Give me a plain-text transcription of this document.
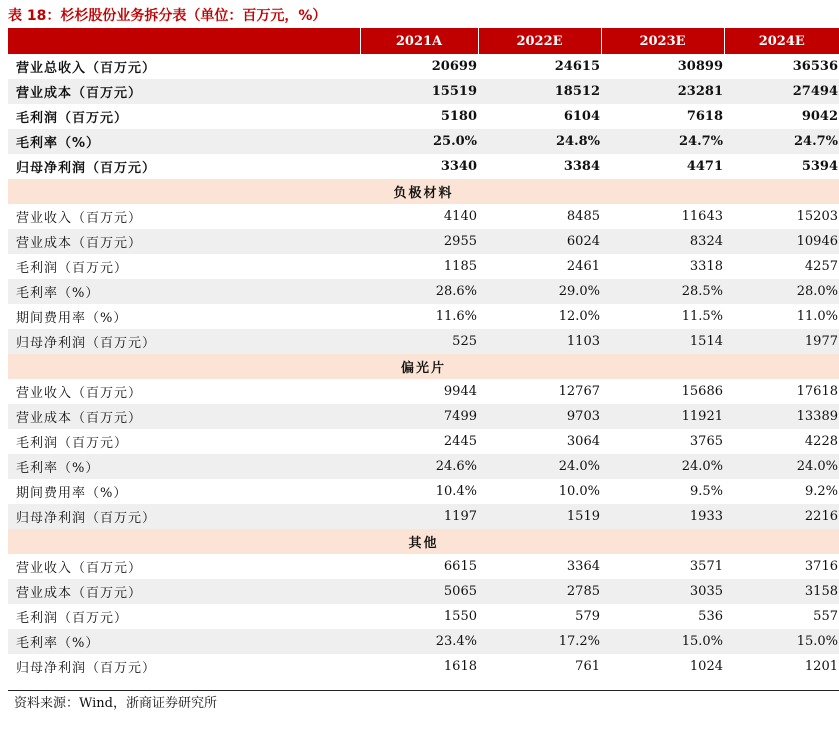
表 18：杉杉股份业务拆分表（单位：百万元，%）
	2021A	2022E	2023E	2024E
营业总收入（百万元）	20699	24615	30899	36536
营业成本（百万元）	15519	18512	23281	27494
毛利润（百万元）	5180	6104	7618	9042
毛利率（%）	25.0%	24.8%	24.7%	24.7%
归母净利润（百万元）	3340	3384	4471	5394
负极材料				
营业收入（百万元）	4140	8485	11643	15203
营业成本（百万元）	2955	6024	8324	10946
毛利润（百万元）	1185	2461	3318	4257
毛利率（%）	28.6%	29.0%	28.5%	28.0%
期间费用率（%）	11.6%	12.0%	11.5%	11.0%
归母净利润（百万元）	525	1103	1514	1977
偏光片				
营业收入（百万元）	9944	12767	15686	17618
营业成本（百万元）	7499	9703	11921	13389
毛利润（百万元）	2445	3064	3765	4228
毛利率（%）	24.6%	24.0%	24.0%	24.0%
期间费用率（%）	10.4%	10.0%	9.5%	9.2%
归母净利润（百万元）	1197	1519	1933	2216
其他				
营业收入（百万元）	6615	3364	3571	3716
营业成本（百万元）	5065	2785	3035	3158
毛利润（百万元）	1550	579	536	557
毛利率（%）	23.4%	17.2%	15.0%	15.0%
归母净利润（百万元）	1618	761	1024	1201
资料来源：Wind，浙商证券研究所
